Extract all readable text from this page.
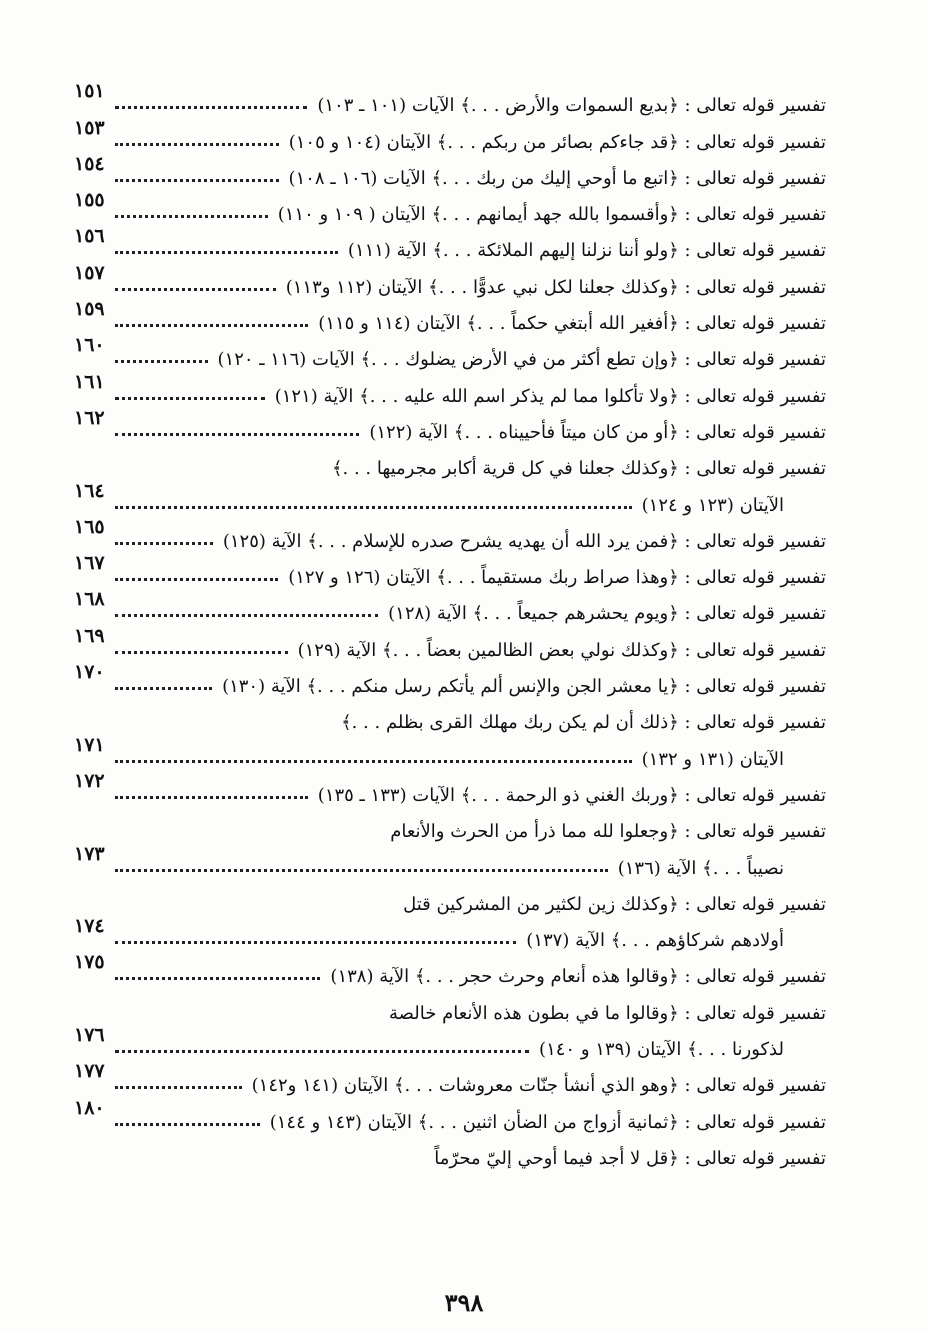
تفسير قوله تعالى : ﴿بديع السموات والأرض . . .﴾ الآيات (١٠١ ـ ١٠٣)
١٥١
تفسير قوله تعالى : ﴿قد جاءكم بصائر من ربكم . . .﴾ الآيتان (١٠٤ و ١٠٥)
١٥٣
تفسير قوله تعالى : ﴿اتبع ما أوحي إليك من ربك . . .﴾ الآيات (١٠٦ ـ ١٠٨)
١٥٤
تفسير قوله تعالى : ﴿وأقسموا بالله جهد أيمانهم . . .﴾ الآيتان ( ١٠٩ و ١١٠)
١٥٥
تفسير قوله تعالى : ﴿ولو أننا نزلنا إليهم الملائكة . . .﴾ الآية (١١١)
١٥٦
تفسير قوله تعالى : ﴿وكذلك جعلنا لكل نبي عدوًّا . . .﴾ الآيتان (١١٢ و١١٣)
١٥٧
تفسير قوله تعالى : ﴿أفغير الله أبتغي حكماً . . .﴾ الآيتان (١١٤ و ١١٥)
١٥٩
تفسير قوله تعالى : ﴿وإن تطع أكثر من في الأرض يضلوك . . .﴾ الآيات (١١٦ ـ ١٢٠)
١٦٠
تفسير قوله تعالى : ﴿ولا تأكلوا مما لم يذكر اسم الله عليه . . .﴾ الآية (١٢١)
١٦١
تفسير قوله تعالى : ﴿أو من كان ميتاً فأحييناه . . .﴾ الآية (١٢٢)
١٦٢
تفسير قوله تعالى : ﴿وكذلك جعلنا في كل قرية أكابر مجرميها . . .﴾
الآيتان (١٢٣ و ١٢٤)
١٦٤
تفسير قوله تعالى : ﴿فمن يرد الله أن يهديه يشرح صدره للإسلام . . .﴾ الآية (١٢٥)
١٦٥
تفسير قوله تعالى : ﴿وهذا صراط ربك مستقيماً . . .﴾ الآيتان (١٢٦ و ١٢٧)
١٦٧
تفسير قوله تعالى : ﴿ويوم يحشرهم جميعاً . . .﴾ الآية (١٢٨)
١٦٨
تفسير قوله تعالى : ﴿وكذلك نولي بعض الظالمين بعضاً . . .﴾ الآية (١٢٩)
١٦٩
تفسير قوله تعالى : ﴿يا معشر الجن والإنس ألم يأتكم رسل منكم . . .﴾ الآية (١٣٠)
١٧٠
تفسير قوله تعالى : ﴿ذلك أن لم يكن ربك مهلك القرى بظلم . . .﴾
الآيتان (١٣١ و ١٣٢)
١٧١
تفسير قوله تعالى : ﴿وربك الغني ذو الرحمة . . .﴾ الآيات (١٣٣ ـ ١٣٥)
١٧٢
تفسير قوله تعالى : ﴿وجعلوا لله مما ذرأ من الحرث والأنعام
نصيباً . . .﴾ الآية (١٣٦)
١٧٣
تفسير قوله تعالى : ﴿وكذلك زين لكثير من المشركين قتل
أولادهم شركاؤهم . . .﴾ الآية (١٣٧)
١٧٤
تفسير قوله تعالى : ﴿وقالوا هذه أنعام وحرث حجر . . .﴾ الآية (١٣٨)
١٧٥
تفسير قوله تعالى : ﴿وقالوا ما في بطون هذه الأنعام خالصة
لذكورنا . . .﴾ الآيتان (١٣٩ و ١٤٠)
١٧٦
تفسير قوله تعالى : ﴿وهو الذي أنشأ جنّات معروشات . . .﴾ الآيتان (١٤١ و١٤٢)
١٧٧
تفسير قوله تعالى : ﴿ثمانية أزواج من الضأن اثنين . . .﴾ الآيتان (١٤٣ و ١٤٤)
١٨٠
تفسير قوله تعالى : ﴿قل لا أجد فيما أوحي إليّ محرّماً
٣٩٨
